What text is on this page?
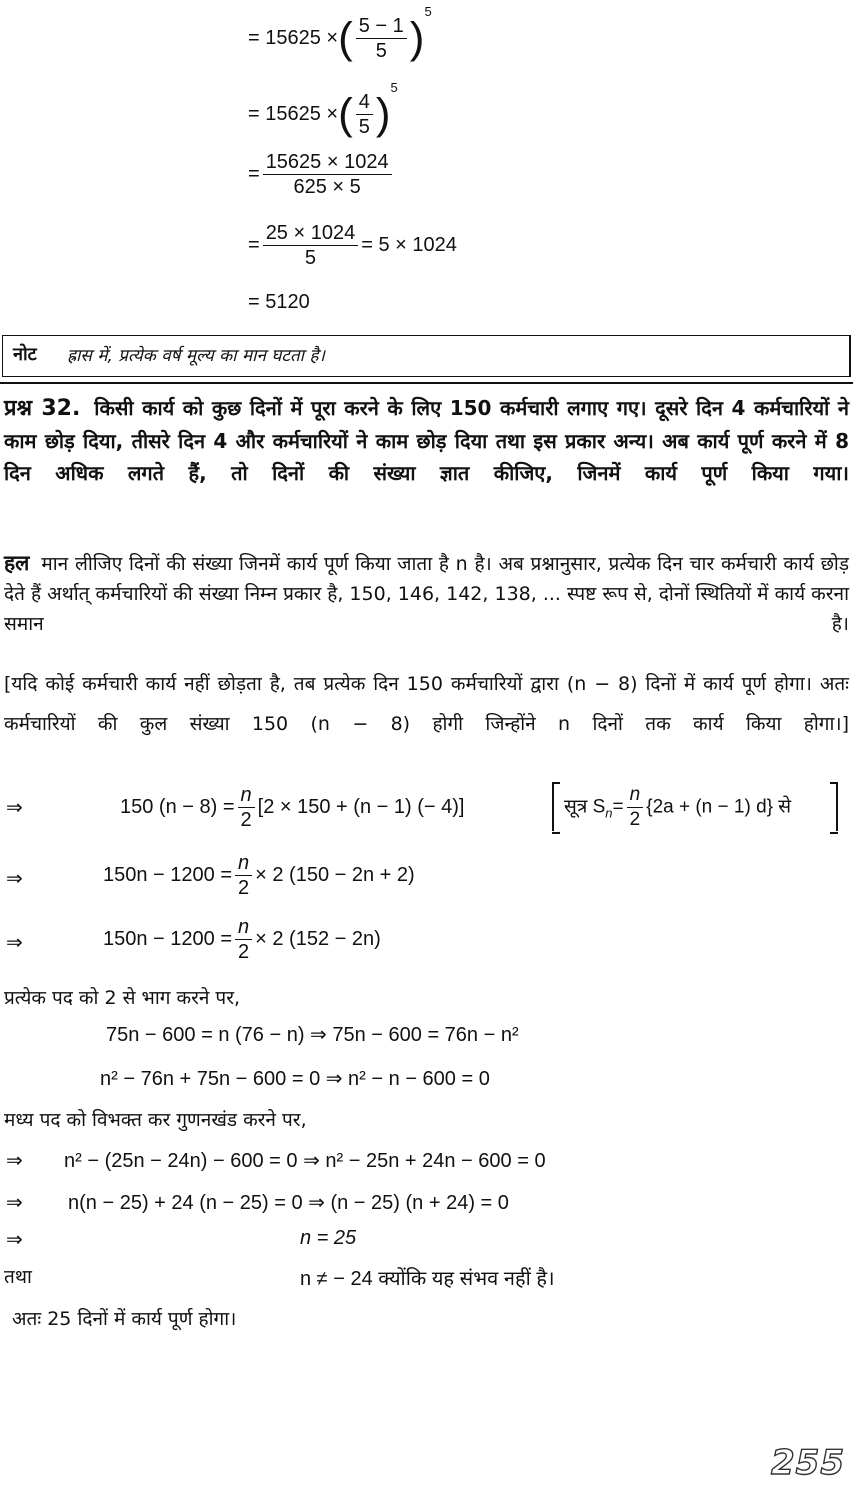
= 15625 ×( $\frac{5 - 1}{5} )^5$
= 15625 ×( $\frac{4}{5} )^5$
= $\frac{15625 \times 1024}{625 \times 5}$
= $\frac{25 \times 1024}{5} = 5 \times 1024$
= 5120
नोट ह्रास में, प्रत्येक वर्ष मूल्य का मान घटता है।
प्रश्न 32. किसी कार्य को कुछ दिनों में पूरा करने के लिए 150 कर्मचारी लगाए गए। दूसरे दिन 4 कर्मचारियों ने काम छोड़ दिया, तीसरे दिन 4 और कर्मचारियों ने काम छोड़ दिया तथा इस प्रकार अन्य। अब कार्य पूर्ण करने में 8 दिन अधिक लगते हैं, तो दिनों की संख्या ज्ञात कीजिए, जिनमें कार्य पूर्ण किया गया।
हल मान लीजिए दिनों की संख्या जिनमें कार्य पूर्ण किया जाता है n है। अब प्रश्नानुसार, प्रत्येक दिन चार कर्मचारी कार्य छोड़ देते हैं अर्थात् कर्मचारियों की संख्या निम्न प्रकार है, 150, 146, 142, 138, ... स्पष्ट रूप से, दोनों स्थितियों में कार्य करना समान है।
[यदि कोई कर्मचारी कार्य नहीं छोड़ता है, तब प्रत्येक दिन 150 कर्मचारियों द्वारा (n − 8) दिनों में कार्य पूर्ण होगा। अतः कर्मचारियों की कुल संख्या 150 (n − 8) होगी जिन्होंने n दिनों तक कार्य किया होगा।]
⇒	150 $(n - 8) = \frac{n}{2} [2 \times 150 + (n - 1)$ (− 4)]	सूत्र $S_n= \frac{n}{2} \{2a + (n - 1)$ d} से
⇒	$150n - 1200 = \frac{n}{2} \times 2$ (150 − 2n + 2)
⇒	$150n - 1200 = \frac{n}{2} \times 2$ (152 − 2n)
प्रत्येक पद को 2 से भाग करने पर,
75n − 600 = n (76 − n) ⇒ 75n − 600 = 76n − n²
n² − 76n + 75n − 600 = 0 ⇒ n² − n − 600 = 0
मध्य पद को विभक्त कर गुणनखंड करने पर,
⇒ n² − (25n − 24n) − 600 = 0 ⇒ n² − 25n + 24n − 600 = 0
⇒ n(n − 25) + 24 (n − 25) = 0 ⇒ (n − 25) (n + 24) = 0
⇒	n = 25
तथा	n ≠ − 24 क्योंकि यह संभव नहीं है।
अतः 25 दिनों में कार्य पूर्ण होगा।
255
